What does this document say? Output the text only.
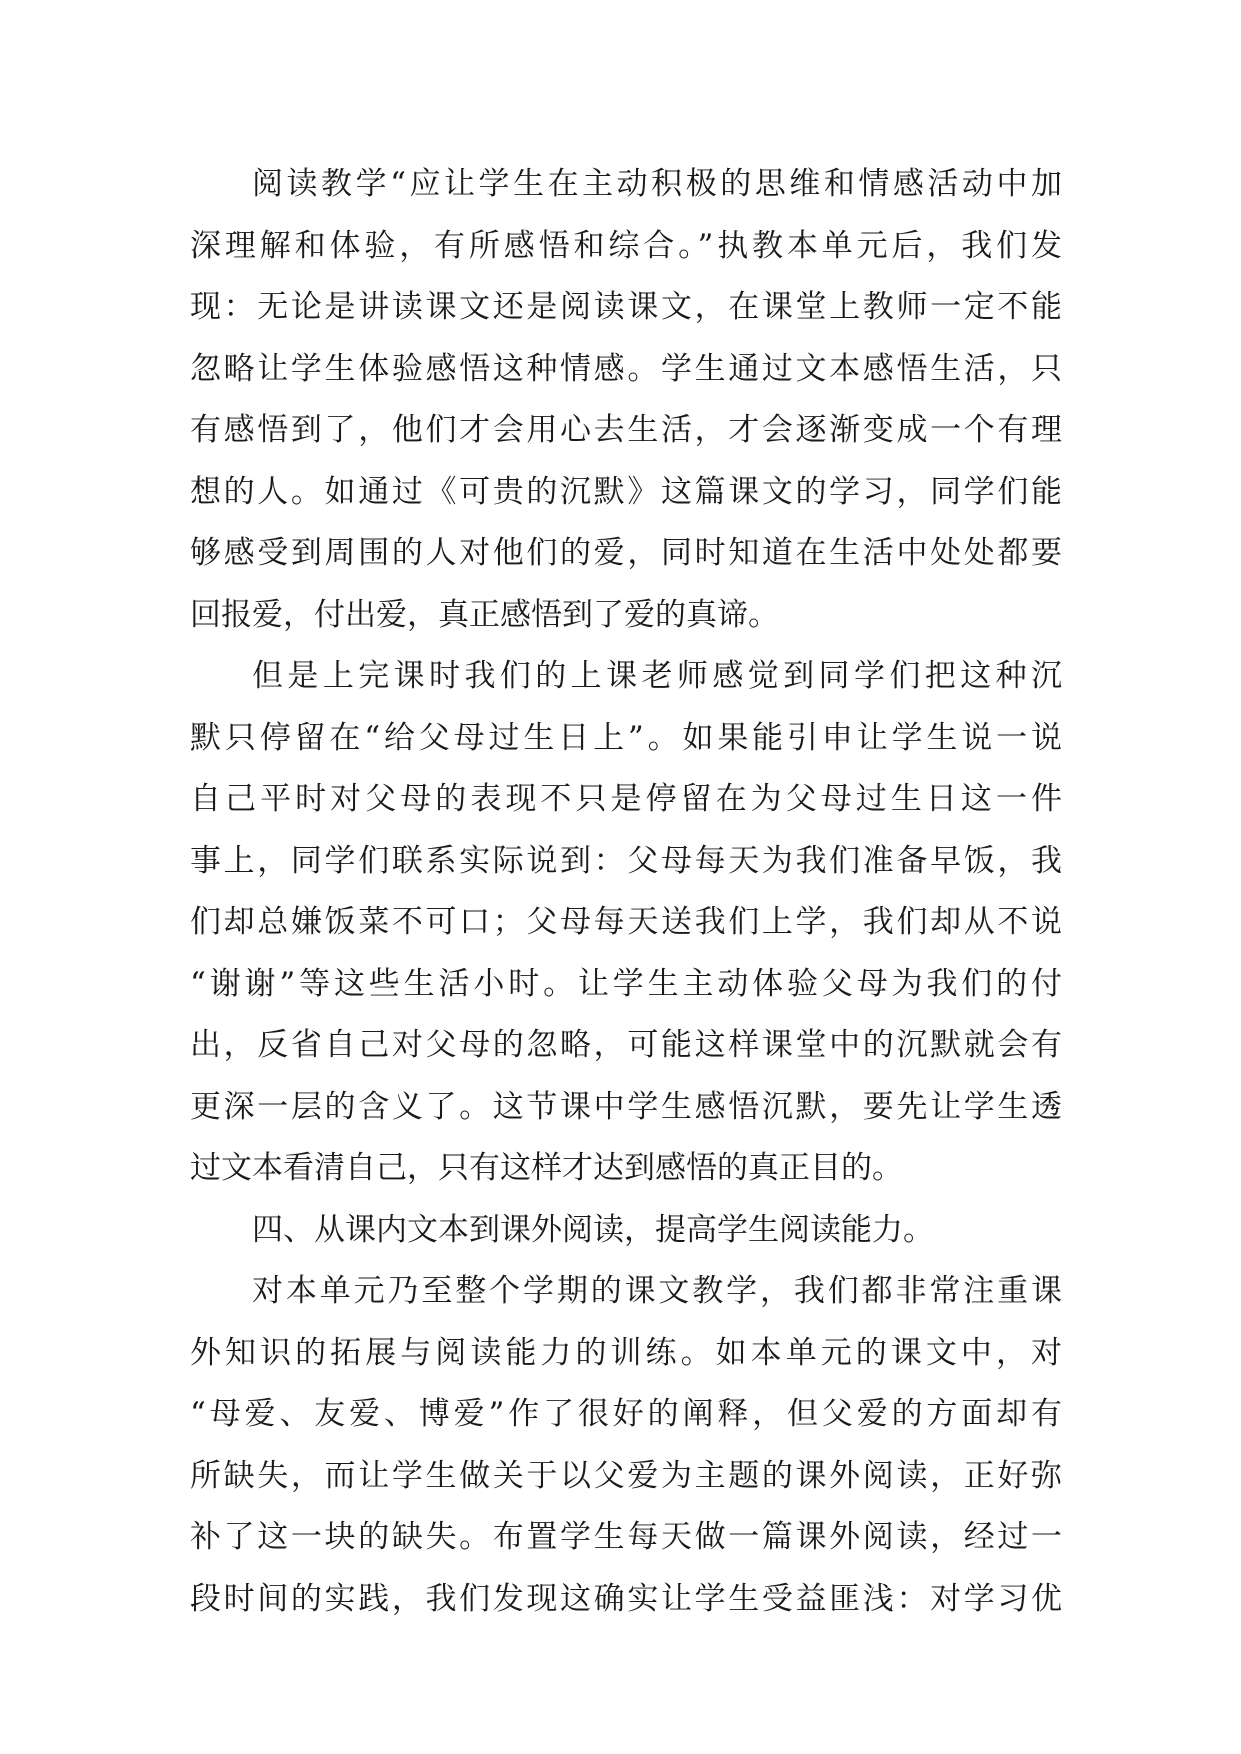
阅读教学“应让学生在主动积极的思维和情感活动中加
深理解和体验，有所感悟和综合。”执教本单元后，我们发
现：无论是讲读课文还是阅读课文，在课堂上教师一定不能
忽略让学生体验感悟这种情感。学生通过文本感悟生活，只
有感悟到了，他们才会用心去生活，才会逐渐变成一个有理
想的人。如通过《可贵的沉默》这篇课文的学习，同学们能
够感受到周围的人对他们的爱，同时知道在生活中处处都要
回报爱，付出爱，真正感悟到了爱的真谛。
但是上完课时我们的上课老师感觉到同学们把这种沉
默只停留在“给父母过生日上”。如果能引申让学生说一说
自己平时对父母的表现不只是停留在为父母过生日这一件
事上，同学们联系实际说到：父母每天为我们准备早饭，我
们却总嫌饭菜不可口；父母每天送我们上学，我们却从不说
“谢谢”等这些生活小时。让学生主动体验父母为我们的付
出，反省自己对父母的忽略，可能这样课堂中的沉默就会有
更深一层的含义了。这节课中学生感悟沉默，要先让学生透
过文本看清自己，只有这样才达到感悟的真正目的。
四、从课内文本到课外阅读，提高学生阅读能力。
对本单元乃至整个学期的课文教学，我们都非常注重课
外知识的拓展与阅读能力的训练。如本单元的课文中，对
“母爱、友爱、博爱”作了很好的阐释，但父爱的方面却有
所缺失，而让学生做关于以父爱为主题的课外阅读，正好弥
补了这一块的缺失。布置学生每天做一篇课外阅读，经过一
段时间的实践，我们发现这确实让学生受益匪浅：对学习优
